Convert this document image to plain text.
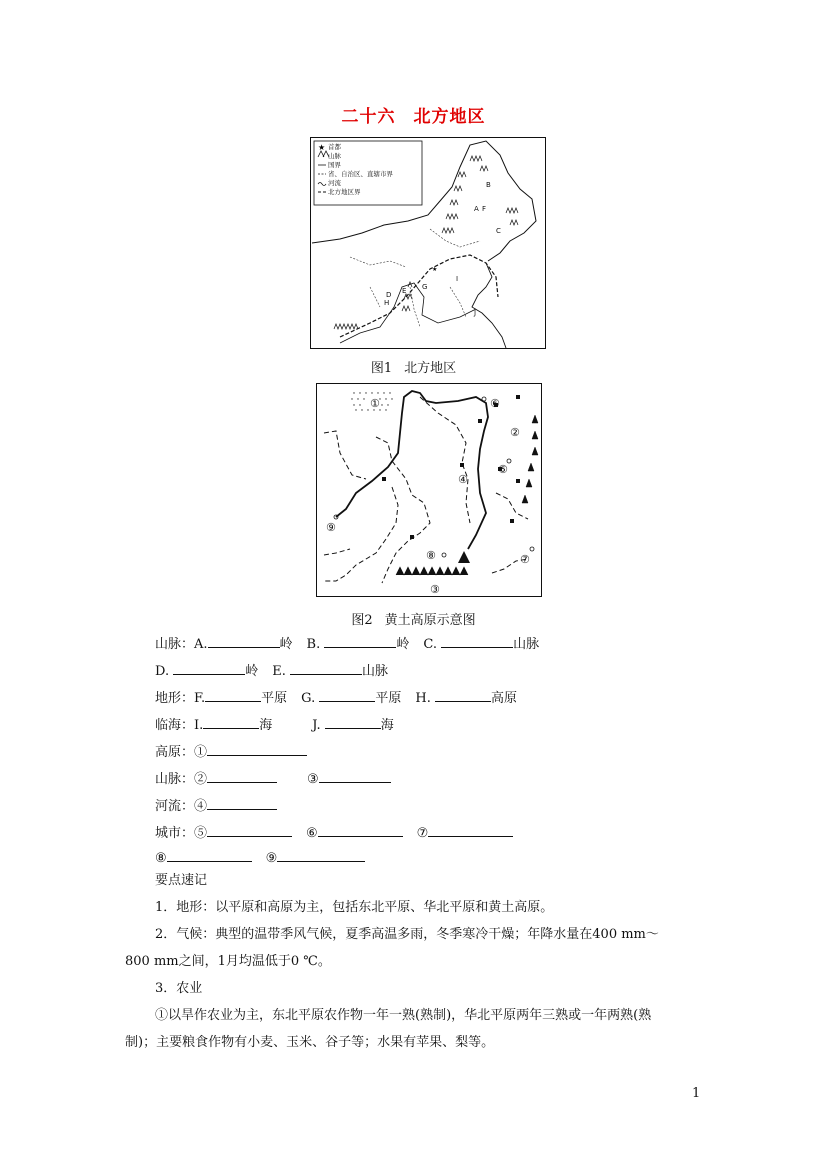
二十六 北方地区
首都
山脉
国界
省、自治区、直辖市界
河流
北方地区界
★
A
B
C
D E
F
G
H
I
J
★
图1 北方地区
①
②
③
④
⑤
⑥
⑦
⑧
⑨
图2 黄土高原示意图
山脉：A.	岭 B.	岭 C.	山脉
D.	岭 E.	山脉
地形：F.	平原 G.	平原 H.	高原
临海：I.	海	J.	海
高原：①
山脉：②	③
河流：④
城市：⑤	⑥	⑦
⑧	⑨
要点速记
1．地形：以平原和高原为主，包括东北平原、华北平原和黄土高原。
2．气候：典型的温带季风气候，夏季高温多雨，冬季寒冷干燥；年降水量在400 mm～
800 mm之间，1月均温低于0 ℃。
3．农业
①以旱作农业为主，东北平原农作物一年一熟(熟制)，华北平原两年三熟或一年两熟(熟
制)；主要粮食作物有小麦、玉米、谷子等；水果有苹果、梨等。
1
